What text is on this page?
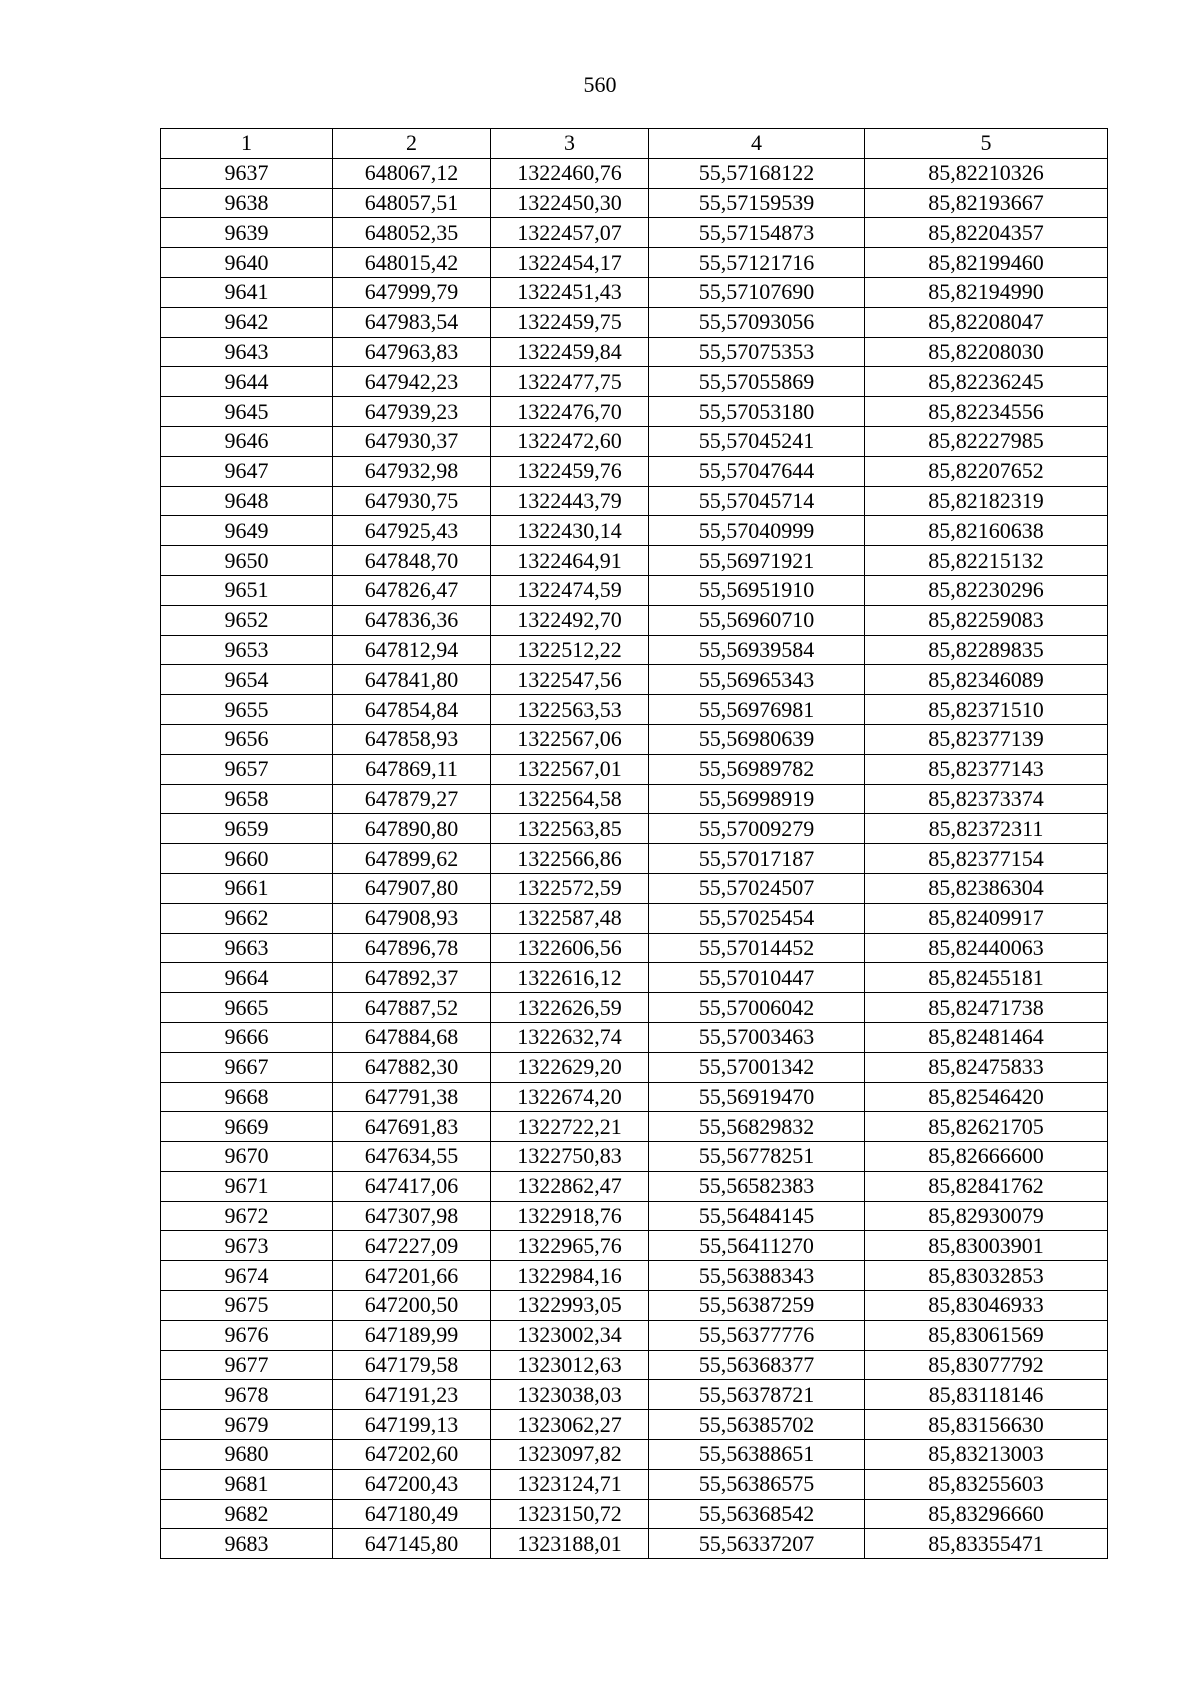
560
1	2	3	4	5
9637	648067,12	1322460,76	55,57168122	85,82210326
9638	648057,51	1322450,30	55,57159539	85,82193667
9639	648052,35	1322457,07	55,57154873	85,82204357
9640	648015,42	1322454,17	55,57121716	85,82199460
9641	647999,79	1322451,43	55,57107690	85,82194990
9642	647983,54	1322459,75	55,57093056	85,82208047
9643	647963,83	1322459,84	55,57075353	85,82208030
9644	647942,23	1322477,75	55,57055869	85,82236245
9645	647939,23	1322476,70	55,57053180	85,82234556
9646	647930,37	1322472,60	55,57045241	85,82227985
9647	647932,98	1322459,76	55,57047644	85,82207652
9648	647930,75	1322443,79	55,57045714	85,82182319
9649	647925,43	1322430,14	55,57040999	85,82160638
9650	647848,70	1322464,91	55,56971921	85,82215132
9651	647826,47	1322474,59	55,56951910	85,82230296
9652	647836,36	1322492,70	55,56960710	85,82259083
9653	647812,94	1322512,22	55,56939584	85,82289835
9654	647841,80	1322547,56	55,56965343	85,82346089
9655	647854,84	1322563,53	55,56976981	85,82371510
9656	647858,93	1322567,06	55,56980639	85,82377139
9657	647869,11	1322567,01	55,56989782	85,82377143
9658	647879,27	1322564,58	55,56998919	85,82373374
9659	647890,80	1322563,85	55,57009279	85,82372311
9660	647899,62	1322566,86	55,57017187	85,82377154
9661	647907,80	1322572,59	55,57024507	85,82386304
9662	647908,93	1322587,48	55,57025454	85,82409917
9663	647896,78	1322606,56	55,57014452	85,82440063
9664	647892,37	1322616,12	55,57010447	85,82455181
9665	647887,52	1322626,59	55,57006042	85,82471738
9666	647884,68	1322632,74	55,57003463	85,82481464
9667	647882,30	1322629,20	55,57001342	85,82475833
9668	647791,38	1322674,20	55,56919470	85,82546420
9669	647691,83	1322722,21	55,56829832	85,82621705
9670	647634,55	1322750,83	55,56778251	85,82666600
9671	647417,06	1322862,47	55,56582383	85,82841762
9672	647307,98	1322918,76	55,56484145	85,82930079
9673	647227,09	1322965,76	55,56411270	85,83003901
9674	647201,66	1322984,16	55,56388343	85,83032853
9675	647200,50	1322993,05	55,56387259	85,83046933
9676	647189,99	1323002,34	55,56377776	85,83061569
9677	647179,58	1323012,63	55,56368377	85,83077792
9678	647191,23	1323038,03	55,56378721	85,83118146
9679	647199,13	1323062,27	55,56385702	85,83156630
9680	647202,60	1323097,82	55,56388651	85,83213003
9681	647200,43	1323124,71	55,56386575	85,83255603
9682	647180,49	1323150,72	55,56368542	85,83296660
9683	647145,80	1323188,01	55,56337207	85,83355471
